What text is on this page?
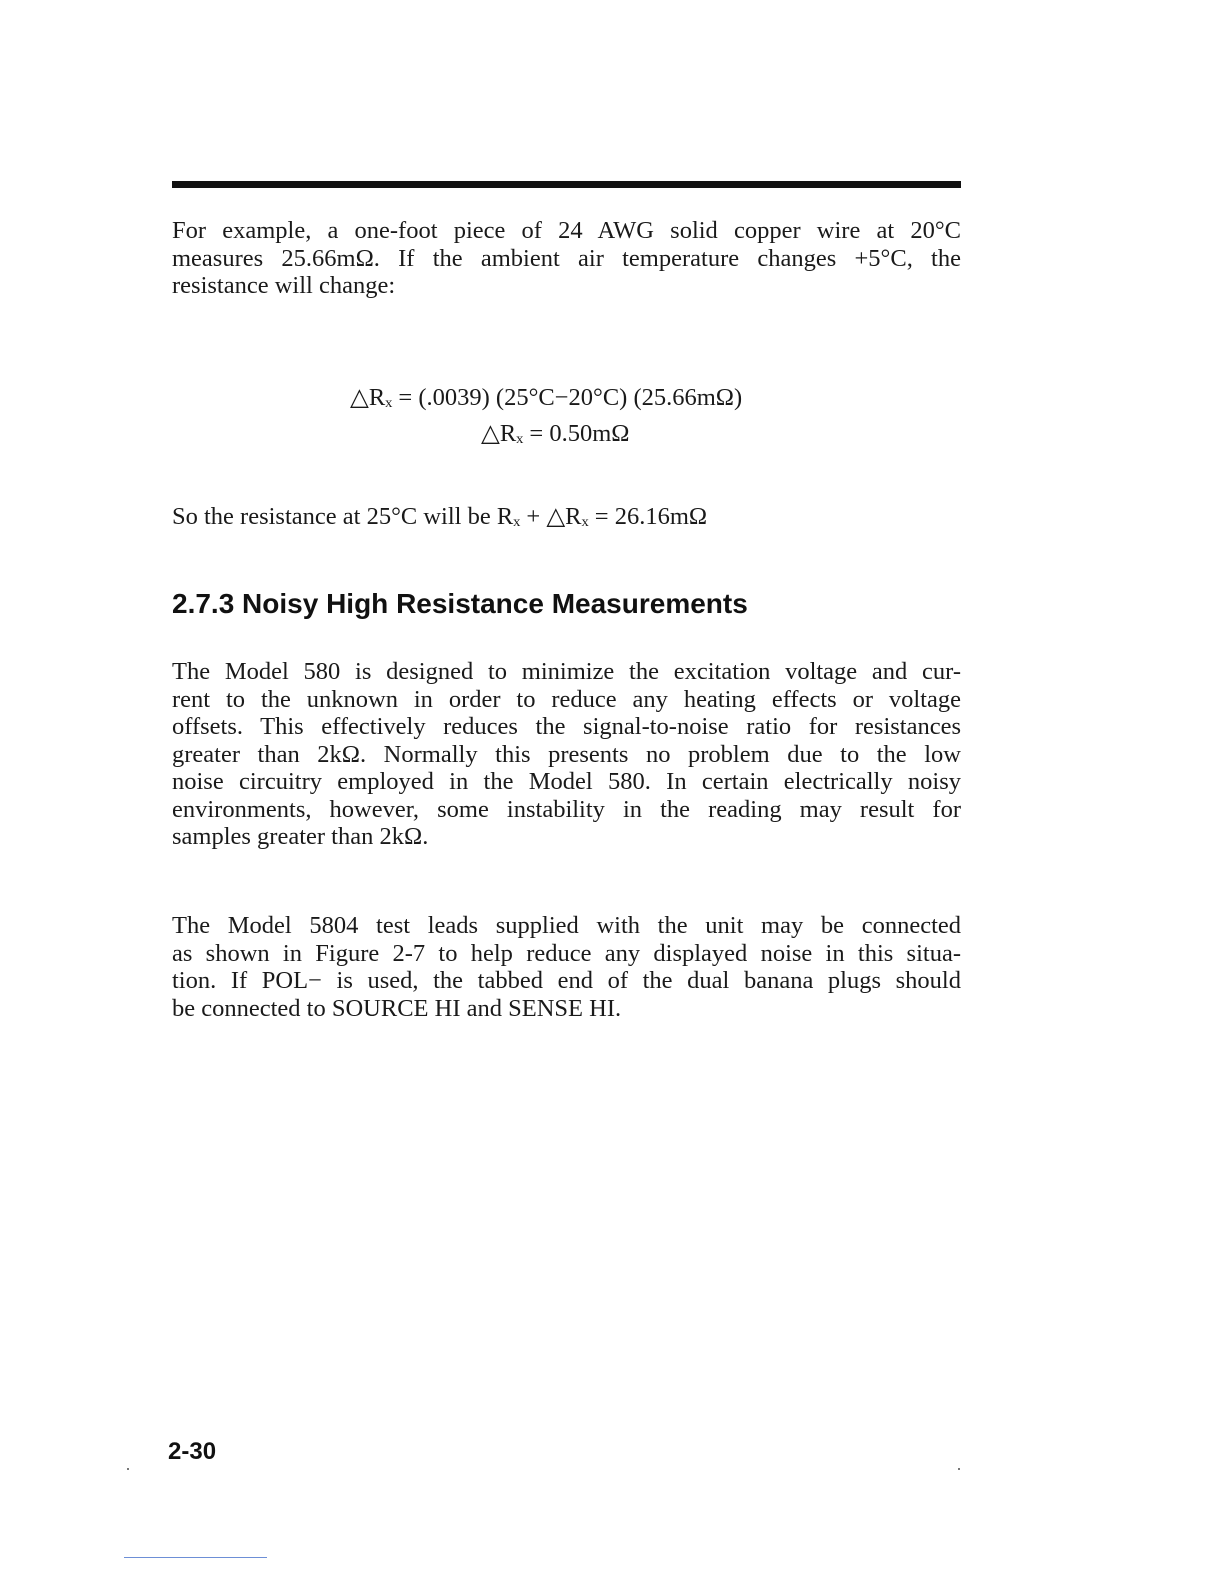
For example, a one-foot piece of 24 AWG solid copper wire at 20°C
measures 25.66mΩ. If the ambient air temperature changes +5°C, the
resistance will change:

△Rₓ = (.0039) (25°C−20°C) (25.66mΩ)
△Rₓ = 0.50mΩ
So the resistance at 25°C will be Rₓ + △Rₓ = 26.16mΩ
2.7.3 Noisy High Resistance Measurements

The Model 580 is designed to minimize the excitation voltage and cur-
rent to the unknown in order to reduce any heating effects or voltage
offsets. This effectively reduces the signal-to-noise ratio for resistances
greater than 2kΩ. Normally this presents no problem due to the low
noise circuitry employed in the Model 580. In certain electrically noisy
environments, however, some instability in the reading may result for
samples greater than 2kΩ.

The Model 5804 test leads supplied with the unit may be connected
as shown in Figure 2-7 to help reduce any displayed noise in this situa-
tion. If POL− is used, the tabbed end of the dual banana plugs should
be connected to SOURCE HI and SENSE HI.

2-30
